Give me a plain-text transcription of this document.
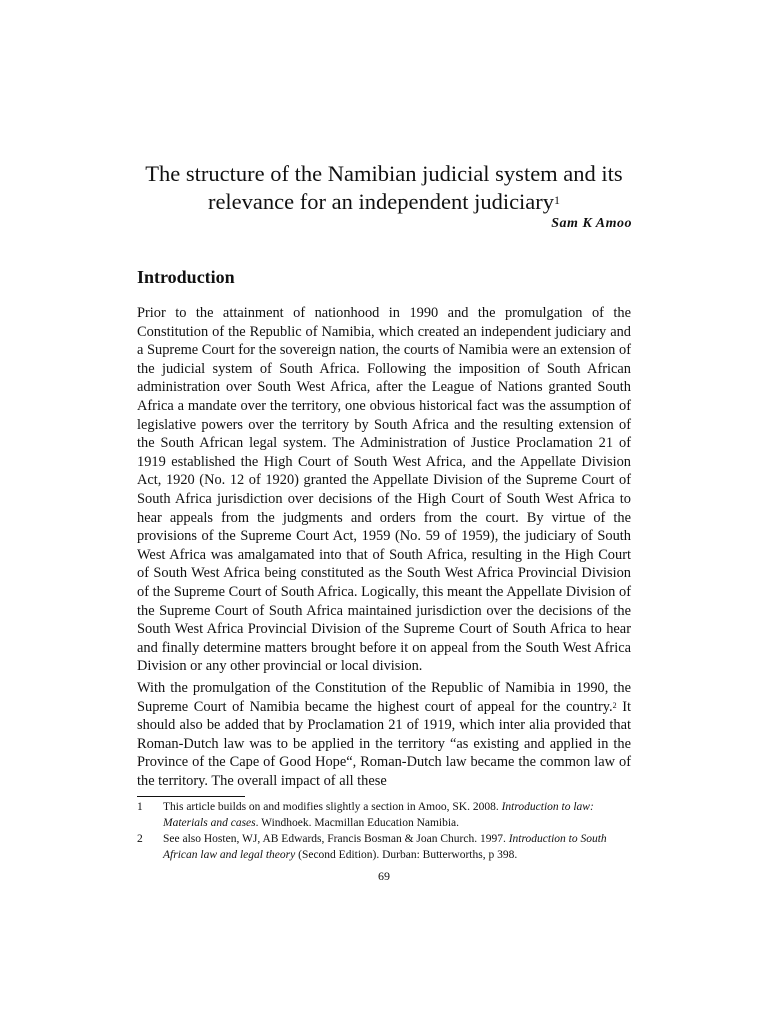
The structure of the Namibian judicial system and its
relevance for an independent judiciary$^1$
Sam K Amoo
Introduction

Prior to the attainment of nationhood in 1990 and the promulgation of the Constitution of the Republic of Namibia, which created an independent judiciary and a Supreme Court for the sovereign nation, the courts of Namibia were an extension of the judicial system of South Africa. Following the imposition of South African administration over South West Africa, after the League of Nations granted South Africa a mandate over the territory, one obvious historical fact was the assumption of legislative powers over the territory by South Africa and the resulting extension of the South African legal system. The Administration of Justice Proclamation 21 of 1919 established the High Court of South West Africa, and the Appellate Division Act, 1920 (No. 12 of 1920) granted the Appellate Division of the Supreme Court of South Africa jurisdiction over decisions of the High Court of South West Africa to hear appeals from the judgments and orders from the court. By virtue of the provisions of the Supreme Court Act, 1959 (No. 59 of 1959), the judiciary of South West Africa was amalgamated into that of South Africa, resulting in the High Court of South West Africa being constituted as the South West Africa Provincial Division of the Supreme Court of South Africa. Logically, this meant the Appellate Division of the Supreme Court of South Africa maintained jurisdiction over the decisions of the South West Africa Provincial Division of the Supreme Court of South Africa to hear and finally determine matters brought before it on appeal from the South West Africa Division or any other provincial or local division.

With the promulgation of the Constitution of the Republic of Namibia in 1990, the Supreme Court of Namibia became the highest court of appeal for the country.$^2$ It should also be added that by Proclamation 21 of 1919, which inter alia provided that Roman-Dutch law was to be applied in the territory “as existing and applied in the Province of the Cape of Good Hope“, Roman-Dutch law became the common law of the territory. The overall impact of all these

1	This article builds on and modifies slightly a section in Amoo, SK. 2008. Introduction to law: Materials and cases. Windhoek. Macmillan Education Namibia.
2	See also Hosten, WJ, AB Edwards, Francis Bosman & Joan Church. 1997. Introduction to South African law and legal theory (Second Edition). Durban: Butterworths, p 398.
69
